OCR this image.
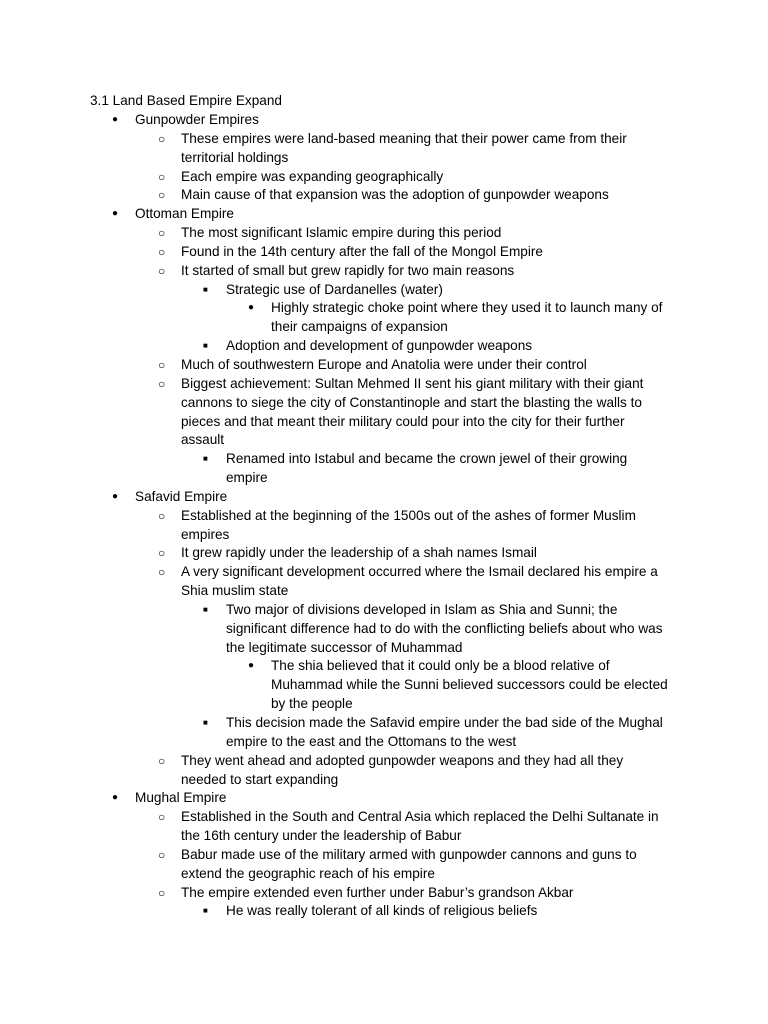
3.1 Land Based Empire Expand
● Gunpowder Empires
○ These empires were land-based meaning that their power came from their
territorial holdings
○ Each empire was expanding geographically
○ Main cause of that expansion was the adoption of gunpowder weapons
● Ottoman Empire
○ The most significant Islamic empire during this period
○ Found in the 14th century after the fall of the Mongol Empire
○ It started of small but grew rapidly for two main reasons
■ Strategic use of Dardanelles (water)
● Highly strategic choke point where they used it to launch many of
their campaigns of expansion
■ Adoption and development of gunpowder weapons
○ Much of southwestern Europe and Anatolia were under their control
○ Biggest achievement: Sultan Mehmed II sent his giant military with their giant
cannons to siege the city of Constantinople and start the blasting the walls to
pieces and that meant their military could pour into the city for their further
assault
■ Renamed into Istabul and became the crown jewel of their growing
empire
● Safavid Empire
○ Established at the beginning of the 1500s out of the ashes of former Muslim
empires
○ It grew rapidly under the leadership of a shah names Ismail
○ A very significant development occurred where the Ismail declared his empire a
Shia muslim state
■ Two major of divisions developed in Islam as Shia and Sunni; the
significant difference had to do with the conflicting beliefs about who was
the legitimate successor of Muhammad
● The shia believed that it could only be a blood relative of
Muhammad while the Sunni believed successors could be elected
by the people
■ This decision made the Safavid empire under the bad side of the Mughal
empire to the east and the Ottomans to the west
○ They went ahead and adopted gunpowder weapons and they had all they
needed to start expanding
● Mughal Empire
○ Established in the South and Central Asia which replaced the Delhi Sultanate in
the 16th century under the leadership of Babur
○ Babur made use of the military armed with gunpowder cannons and guns to
extend the geographic reach of his empire
○ The empire extended even further under Babur’s grandson Akbar
■ He was really tolerant of all kinds of religious beliefs
